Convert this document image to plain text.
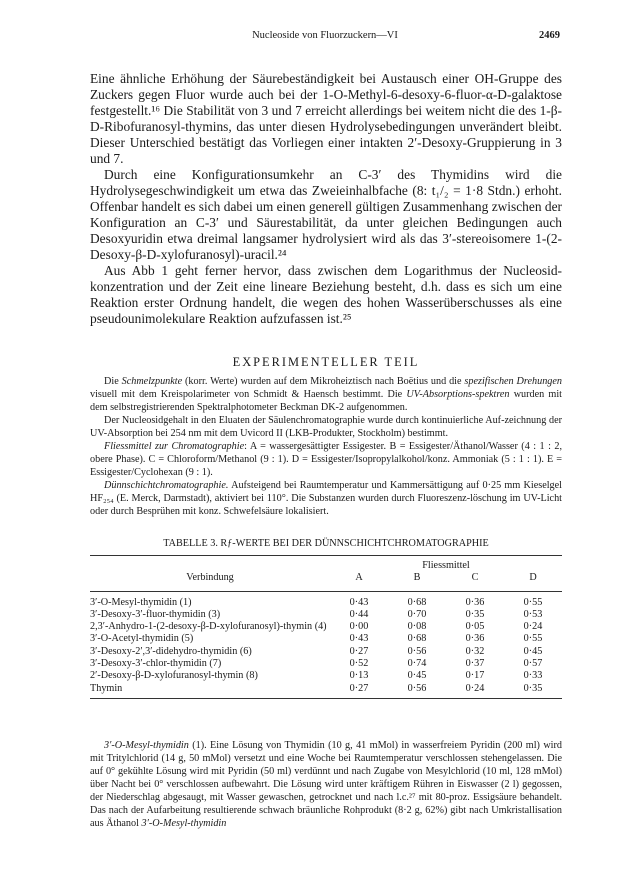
Nucleoside von Fluorzuckern—VI	2469

Eine ähnliche Erhöhung der Säurebeständigkeit bei Austausch einer OH-Gruppe des Zuckers gegen Fluor wurde auch bei der 1-O-Methyl-6-desoxy-6-fluor-α-D-galaktose festgestellt.¹⁶ Die Stabilität von 3 und 7 erreicht allerdings bei weitem nicht die des 1-β-D-Ribofuranosyl-thymins, das unter diesen Hydrolysebedingungen unverändert bleibt. Dieser Unterschied bestätigt das Vorliegen einer intakten 2′-Desoxy-Gruppierung in 3 und 7.

Durch eine Konfigurationsumkehr an C-3′ des Thymidins wird die Hydrolysegeschwindigkeit um etwa das Zweieinhalbfache (8: t₁/₂ = 1·8 Stdn.) erhoht. Offenbar handelt es sich dabei um einen generell gültigen Zusammenhang zwischen der Konfiguration an C-3′ und Säurestabilität, da unter gleichen Bedingungen auch Desoxyuridin etwa dreimal langsamer hydrolysiert wird als das 3′-stereoisomere 1-(2-Desoxy-β-D-xylofuranosyl)-uracil.²⁴

Aus Abb 1 geht ferner hervor, dass zwischen dem Logarithmus der Nucleosid-konzentration und der Zeit eine lineare Beziehung besteht, d.h. dass es sich um eine Reaktion erster Ordnung handelt, die wegen des hohen Wasserüberschusses als eine pseudounimolekulare Reaktion aufzufassen ist.²⁵

EXPERIMENTELLER TEIL

Die Schmelzpunkte (korr. Werte) wurden auf dem Mikroheiztisch nach Boëtius und die spezifischen Drehungen visuell mit dem Kreispolarimeter von Schmidt & Haensch bestimmt. Die UV-Absorptions-spektren wurden mit dem selbstregistrierenden Spektralphotometer Beckman DK-2 aufgenommen.

Der Nucleosidgehalt in den Eluaten der Säulenchromatographie wurde durch kontinuierliche Auf-zeichnung der UV-Absorption bei 254 nm mit dem Uvicord II (LKB-Produkter, Stockholm) bestimmt.

Fliessmittel zur Chromatographie: A = wassergesättigter Essigester. B = Essigester/Äthanol/Wasser (4 : 1 : 2, obere Phase). C = Chloroform/Methanol (9 : 1). D = Essigester/Isopropylalkohol/konz. Ammoniak (5 : 1 : 1). E = Essigester/Cyclohexan (9 : 1).

Dünnschichtchromatographie. Aufsteigend bei Raumtemperatur und Kammersättigung auf 0·25 mm Kieselgel HF₂₅₄ (E. Merck, Darmstadt), aktiviert bei 110°. Die Substanzen wurden durch Fluoreszenz-löschung im UV-Licht oder durch Besprühen mit konz. Schwefelsäure lokalisiert.

TABELLE 3. Rƒ-WERTE BEI DER DÜNNSCHICHTCHROMATOGRAPHIE
	Fliessmittel			
Verbindung	A	B	C	D
3′-O-Mesyl-thymidin (1)	0·43	0·68	0·36	0·55
3′-Desoxy-3′-fluor-thymidin (3)	0·44	0·70	0·35	0·53
2,3′-Anhydro-1-(2-desoxy-β-D-xylofuranosyl)-thymin (4)	0·00	0·08	0·05	0·24
3′-O-Acetyl-thymidin (5)	0·43	0·68	0·36	0·55
3′-Desoxy-2′,3′-didehydro-thymidin (6)	0·27	0·56	0·32	0·45
3′-Desoxy-3′-chlor-thymidin (7)	0·52	0·74	0·37	0·57
2′-Desoxy-β-D-xylofuranosyl-thymin (8)	0·13	0·45	0·17	0·33
Thymin	0·27	0·56	0·24	0·35

3′-O-Mesyl-thymidin (1). Eine Lösung von Thymidin (10 g, 41 mMol) in wasserfreiem Pyridin (200 ml) wird mit Tritylchlorid (14 g, 50 mMol) versetzt und eine Woche bei Raumtemperatur verschlossen stehengelassen. Die auf 0° gekühlte Lösung wird mit Pyridin (50 ml) verdünnt und nach Zugabe von Mesylchlorid (10 ml, 128 mMol) über Nacht bei 0° verschlossen aufbewahrt. Die Lösung wird unter kräftigem Rühren in Eiswasser (2 l) gegossen, der Niederschlag abgesaugt, mit Wasser gewaschen, getrocknet und nach l.c.²⁷ mit 80-proz. Essigsäure behandelt. Das nach der Aufarbeitung resultierende schwach bräunliche Rohprodukt (8·2 g, 62%) gibt nach Umkristallisation aus Äthanol 3′-O-Mesyl-thymidin
